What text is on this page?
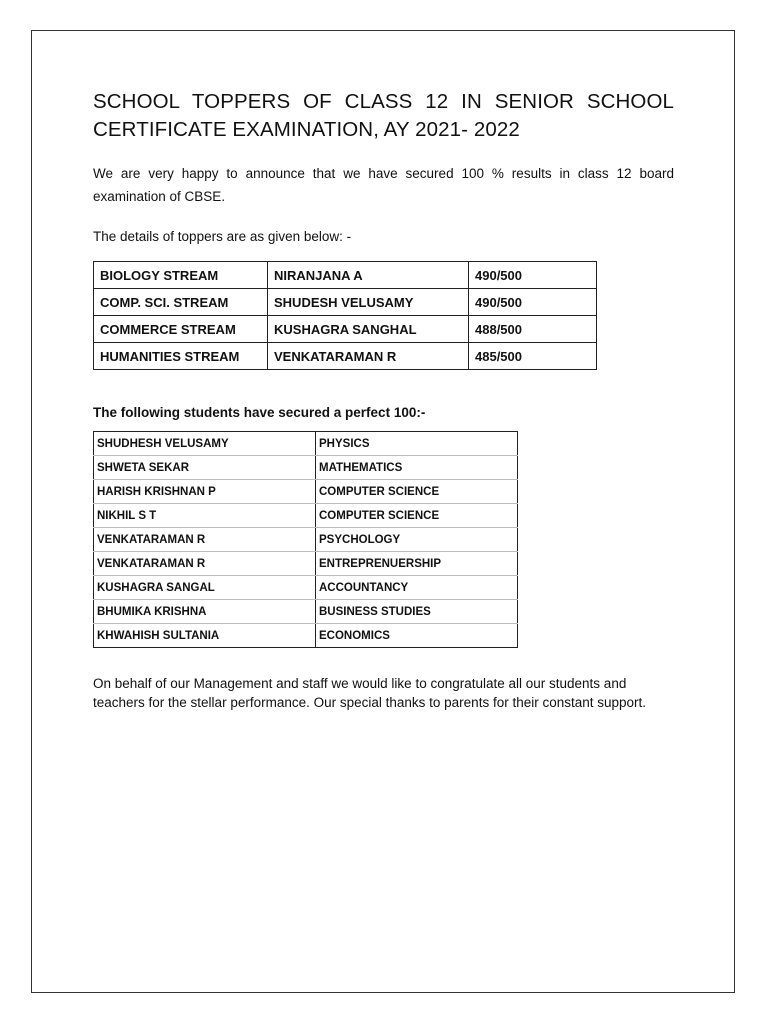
SCHOOL TOPPERS OF CLASS 12 IN SENIOR SCHOOL CERTIFICATE EXAMINATION, AY 2021- 2022

We are very happy to announce that we have secured 100 % results in class 12 board examination of CBSE.

The details of toppers are as given below: -

BIOLOGY STREAM	NIRANJANA A	490/500
COMP. SCI. STREAM	SHUDESH VELUSAMY	490/500
COMMERCE STREAM	KUSHAGRA SANGHAL	488/500
HUMANITIES STREAM	VENKATARAMAN R	485/500

The following students have secured a perfect 100:-

SHUDHESH VELUSAMY	PHYSICS
SHWETA SEKAR	MATHEMATICS
HARISH KRISHNAN P	COMPUTER SCIENCE
NIKHIL S T	COMPUTER SCIENCE
VENKATARAMAN R	PSYCHOLOGY
VENKATARAMAN R	ENTREPRENUERSHIP
KUSHAGRA SANGAL	ACCOUNTANCY
BHUMIKA KRISHNA	BUSINESS STUDIES
KHWAHISH SULTANIA	ECONOMICS

On behalf of our Management and staff we would like to congratulate all our students and teachers for the stellar performance. Our special thanks to parents for their constant support.
